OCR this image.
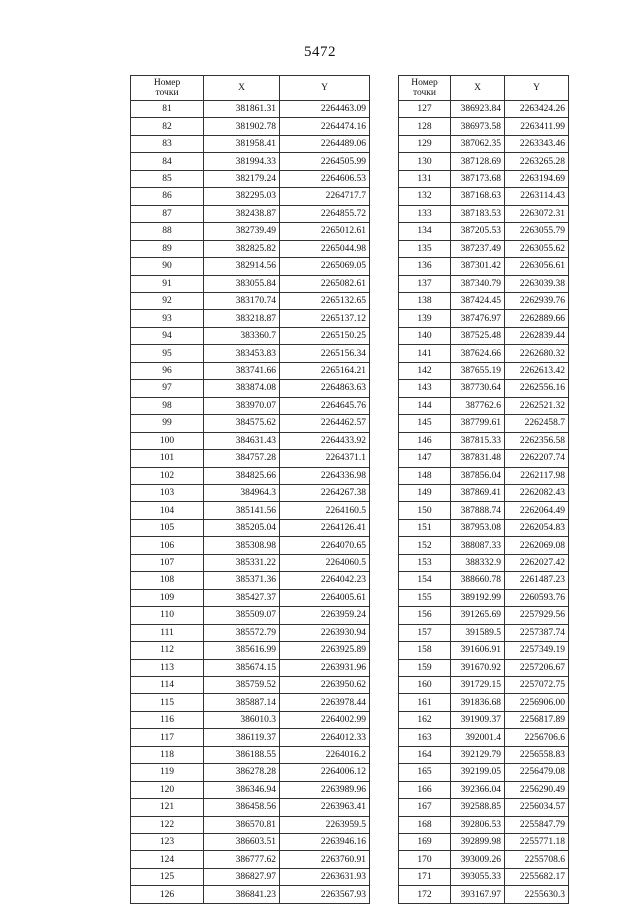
5472
Номер
точки	X	Y
81	381861.31	2264463.09
82	381902.78	2264474.16
83	381958.41	2264489.06
84	381994.33	2264505.99
85	382179.24	2264606.53
86	382295.03	2264717.7
87	382438.87	2264855.72
88	382739.49	2265012.61
89	382825.82	2265044.98
90	382914.56	2265069.05
91	383055.84	2265082.61
92	383170.74	2265132.65
93	383218.87	2265137.12
94	383360.7	2265150.25
95	383453.83	2265156.34
96	383741.66	2265164.21
97	383874.08	2264863.63
98	383970.07	2264645.76
99	384575.62	2264462.57
100	384631.43	2264433.92
101	384757.28	2264371.1
102	384825.66	2264336.98
103	384964.3	2264267.38
104	385141.56	2264160.5
105	385205.04	2264126.41
106	385308.98	2264070.65
107	385331.22	2264060.5
108	385371.36	2264042.23
109	385427.37	2264005.61
110	385509.07	2263959.24
111	385572.79	2263930.94
112	385616.99	2263925.89
113	385674.15	2263931.96
114	385759.52	2263950.62
115	385887.14	2263978.44
116	386010.3	2264002.99
117	386119.37	2264012.33
118	386188.55	2264016.2
119	386278.28	2264006.12
120	386346.94	2263989.96
121	386458.56	2263963.41
122	386570.81	2263959.5
123	386603.51	2263946.16
124	386777.62	2263760.91
125	386827.97	2263631.93
126	386841.23	2263567.93
Номер
точки	X	Y
127	386923.84	2263424.26
128	386973.58	2263411.99
129	387062.35	2263343.46
130	387128.69	2263265.28
131	387173.68	2263194.69
132	387168.63	2263114.43
133	387183.53	2263072.31
134	387205.53	2263055.79
135	387237.49	2263055.62
136	387301.42	2263056.61
137	387340.79	2263039.38
138	387424.45	2262939.76
139	387476.97	2262889.66
140	387525.48	2262839.44
141	387624.66	2262680.32
142	387655.19	2262613.42
143	387730.64	2262556.16
144	387762.6	2262521.32
145	387799.61	2262458.7
146	387815.33	2262356.58
147	387831.48	2262207.74
148	387856.04	2262117.98
149	387869.41	2262082.43
150	387888.74	2262064.49
151	387953.08	2262054.83
152	388087.33	2262069.08
153	388332.9	2262027.42
154	388660.78	2261487.23
155	389192.99	2260593.76
156	391265.69	2257929.56
157	391589.5	2257387.74
158	391606.91	2257349.19
159	391670.92	2257206.67
160	391729.15	2257072.75
161	391836.68	2256906.00
162	391909.37	2256817.89
163	392001.4	2256706.6
164	392129.79	2256558.83
165	392199.05	2256479.08
166	392366.04	2256290.49
167	392588.85	2256034.57
168	392806.53	2255847.79
169	392899.98	2255771.18
170	393009.26	2255708.6
171	393055.33	2255682.17
172	393167.97	2255630.3
